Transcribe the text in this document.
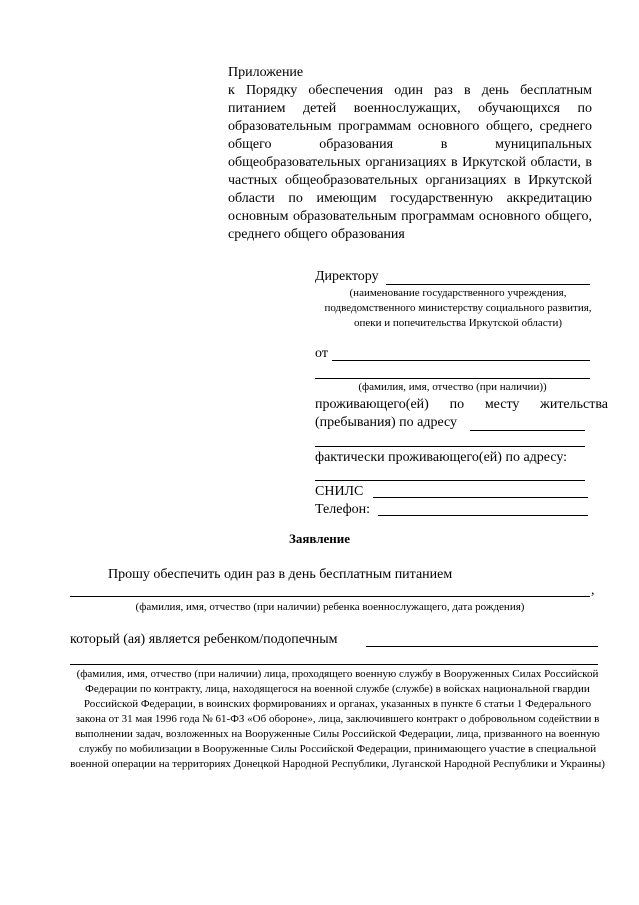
Приложение
к Порядку обеспечения один раз в день бесплатным питанием детей военнослужащих, обучающихся по образовательным программам основного общего, среднего общего образования в муниципальных общеобразовательных организациях в Иркутской области, в частных общеобразовательных организациях в Иркутской области по имеющим государственную аккредитацию основным образовательным программам основного общего, среднего общего образования
Директору
(наименование государственного учреждения, подведомственного министерству социального развития, опеки и попечительства Иркутской области)
от
(фамилия, имя, отчество (при наличии))
проживающего(ей) по месту жительства
(пребывания) по адресу
фактически проживающего(ей) по адресу:
СНИЛС
Телефон:
Заявление
Прошу обеспечить один раз в день бесплатным питанием
,
(фамилия, имя, отчество (при наличии) ребенка военнослужащего, дата рождения)
который (ая) является ребенком/подопечным
(фамилия, имя, отчество (при наличии) лица, проходящего военную службу в Вооруженных Силах Российской Федерации по контракту, лица, находящегося на военной службе (службе) в войсках национальной гвардии Российской Федерации, в воинских формированиях и органах, указанных в пункте 6 статьи 1 Федерального закона от 31 мая 1996 года № 61-ФЗ «Об обороне», лица, заключившего контракт о добровольном содействии в выполнении задач, возложенных на Вооруженные Силы Российской Федерации, лица, призванного на военную службу по мобилизации в Вооруженные Силы Российской Федерации, принимающего участие в специальной военной операции на территориях Донецкой Народной Республики, Луганской Народной Республики и Украины)
